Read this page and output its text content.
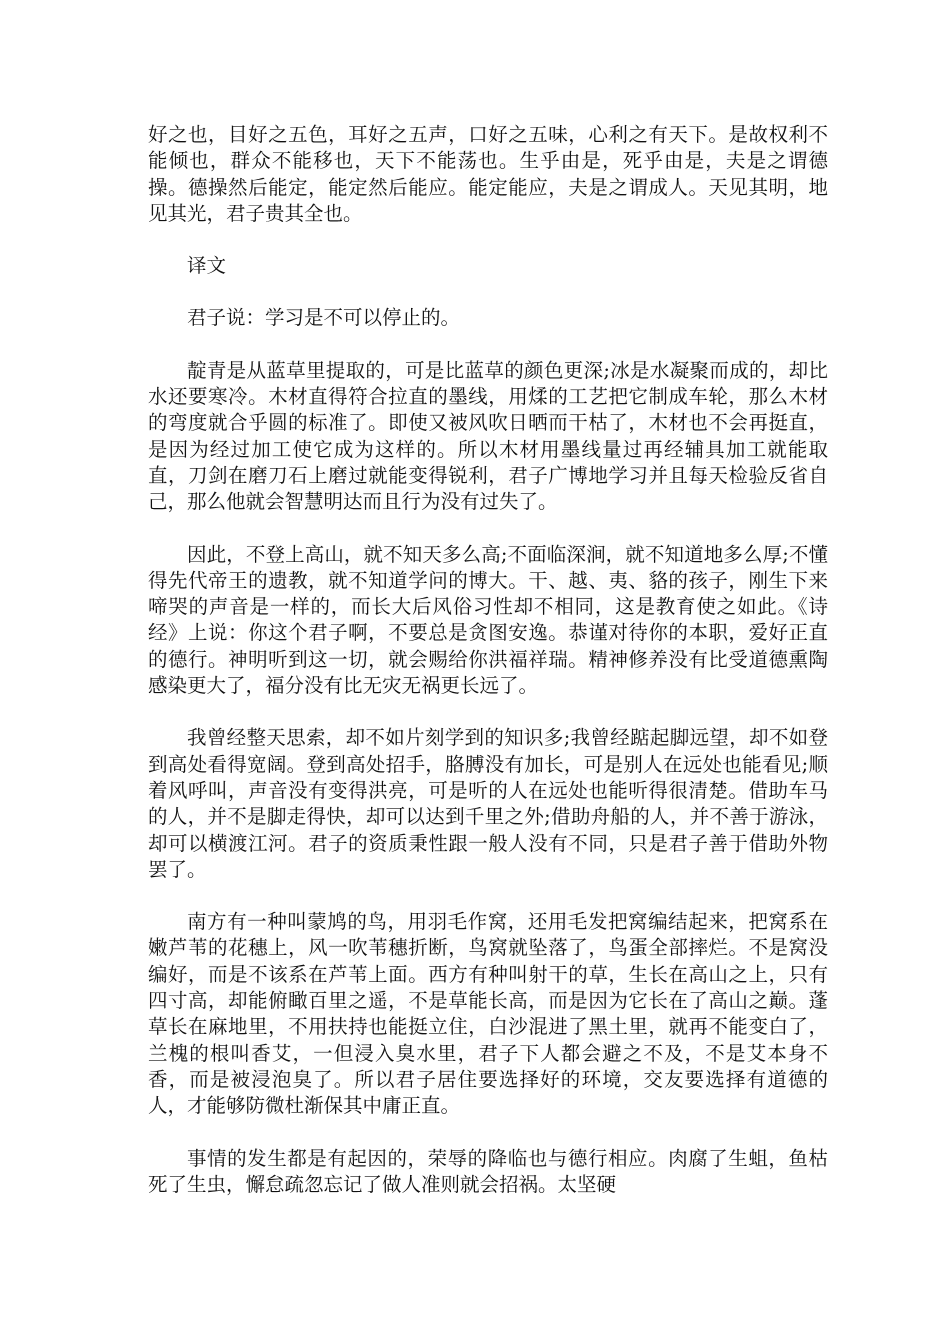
好之也，目好之五色，耳好之五声，口好之五味，心利之有天下。是故权利不能倾也，群众不能移也，天下不能荡也。生乎由是，死乎由是，夫是之谓德操。德操然后能定，能定然后能应。能定能应，夫是之谓成人。天见其明，地见其光，君子贵其全也。

译文

君子说：学习是不可以停止的。

靛青是从蓝草里提取的，可是比蓝草的颜色更深;冰是水凝聚而成的，却比水还要寒冷。木材直得符合拉直的墨线，用煣的工艺把它制成车轮，那么木材的弯度就合乎圆的标准了。即使又被风吹日晒而干枯了，木材也不会再挺直，是因为经过加工使它成为这样的。所以木材用墨线量过再经辅具加工就能取直，刀剑在磨刀石上磨过就能变得锐利，君子广博地学习并且每天检验反省自己，那么他就会智慧明达而且行为没有过失了。

因此，不登上高山，就不知天多么高;不面临深涧，就不知道地多么厚;不懂得先代帝王的遗教，就不知道学问的博大。干、越、夷、貉的孩子，刚生下来啼哭的声音是一样的，而长大后风俗习性却不相同，这是教育使之如此。《诗经》上说：你这个君子啊，不要总是贪图安逸。恭谨对待你的本职，爱好正直的德行。神明听到这一切，就会赐给你洪福祥瑞。精神修养没有比受道德熏陶感染更大了，福分没有比无灾无祸更长远了。

我曾经整天思索，却不如片刻学到的知识多;我曾经踮起脚远望，却不如登到高处看得宽阔。登到高处招手，胳膊没有加长，可是别人在远处也能看见;顺着风呼叫，声音没有变得洪亮，可是听的人在远处也能听得很清楚。借助车马的人，并不是脚走得快，却可以达到千里之外;借助舟船的人，并不善于游泳，却可以横渡江河。君子的资质秉性跟一般人没有不同，只是君子善于借助外物罢了。

南方有一种叫蒙鸠的鸟，用羽毛作窝，还用毛发把窝编结起来，把窝系在嫩芦苇的花穗上，风一吹苇穗折断，鸟窝就坠落了，鸟蛋全部摔烂。不是窝没编好，而是不该系在芦苇上面。西方有种叫射干的草，生长在高山之上，只有四寸高，却能俯瞰百里之遥，不是草能长高，而是因为它长在了高山之巅。蓬草长在麻地里，不用扶持也能挺立住，白沙混进了黑土里，就再不能变白了，兰槐的根叫香艾，一但浸入臭水里，君子下人都会避之不及，不是艾本身不香，而是被浸泡臭了。所以君子居住要选择好的环境，交友要选择有道德的人，才能够防微杜渐保其中庸正直。

事情的发生都是有起因的，荣辱的降临也与德行相应。肉腐了生蛆，鱼枯死了生虫，懈怠疏忽忘记了做人准则就会招祸。太坚硬
